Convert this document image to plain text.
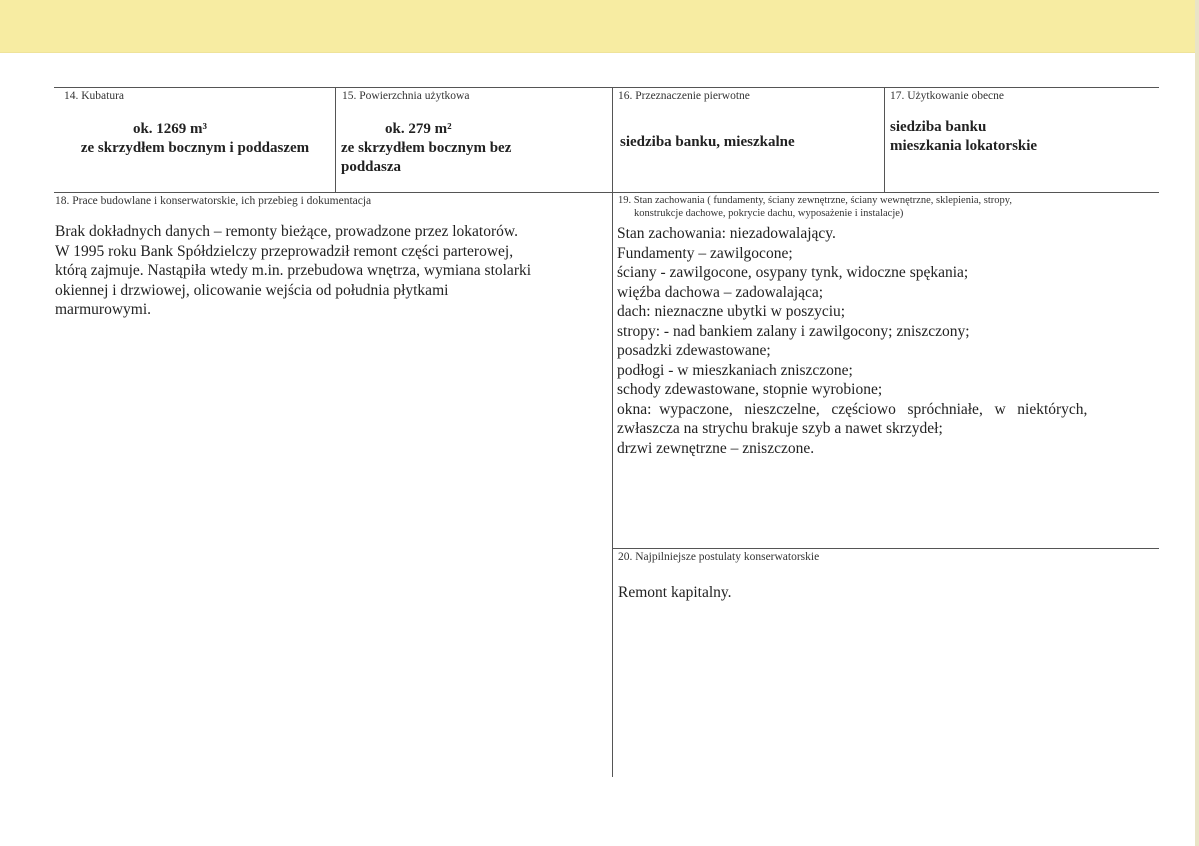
14. Kubatura
ok. 1269 m³
ze skrzydłem bocznym i poddaszem
15. Powierzchnia użytkowa
ok. 279 m²
ze skrzydłem bocznym bez
poddasza
16. Przeznaczenie pierwotne
siedziba banku, mieszkalne
17. Użytkowanie obecne
siedziba banku
mieszkania lokatorskie
18. Prace budowlane i konserwatorskie, ich przebieg i dokumentacja
Brak dokładnych danych – remonty bieżące, prowadzone przez lokatorów.
W 1995 roku Bank Spółdzielczy przeprowadził remont części parterowej,
którą zajmuje. Nastąpiła wtedy m.in. przebudowa wnętrza, wymiana stolarki
okiennej i drzwiowej, olicowanie wejścia od południa płytkami
marmurowymi.
19. Stan zachowania ( fundamenty, ściany zewnętrzne, ściany wewnętrzne, sklepienia, stropy,
konstrukcje dachowe, pokrycie dachu, wyposażenie i instalacje)
Stan zachowania: niezadowalający.
Fundamenty – zawilgocone;
ściany - zawilgocone, osypany tynk, widoczne spękania;
więźba dachowa – zadowalająca;
dach: nieznaczne ubytki w poszyciu;
stropy: - nad bankiem zalany i zawilgocony; zniszczony;
posadzki zdewastowane;
podłogi - w mieszkaniach zniszczone;
schody zdewastowane, stopnie wyrobione;
okna:  wypaczone,   nieszczelne,   częściowo   spróchniałe,   w   niektórych,
zwłaszcza na strychu brakuje szyb a nawet skrzydeł;
drzwi zewnętrzne – zniszczone.
20. Najpilniejsze postulaty konserwatorskie
Remont kapitalny.
